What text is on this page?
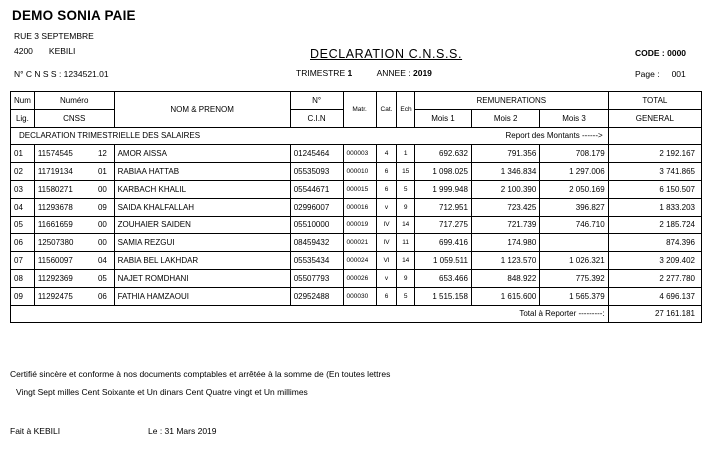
DEMO SONIA PAIE
RUE 3 SEPTEMBRE
4200 KEBILI
N° C N S S : 1234521.01
DECLARATION C.N.S.S.
TRIMESTRE 1	ANNEE : 2019
CODE : 0000
Page : 001
Num	Numéro		NOM & PRENOM	N°	Matr.	Cat.	Ech	REMUNERATIONS			TOTAL
Lig.	CNSS			C.I.N				Mois 1	Mois 2	Mois 3	GENERAL
DECLARATION TRIMESTRIELLE DES SALAIRES Report des Montants ------>											

01	11574545	12	AMOR AISSA	01245464	000003	4	1	692.632	791.356	708.179	2 192.167
02	11719134	01	RABIAA HATTAB	05535093	000010	6	15	1 098.025	1 346.834	1 297.006	3 741.865
03	11580271	00	KARBACH KHALIL	05544671	000015	6	5	1 999.948	2 100.390	2 050.169	6 150.507
04	11293678	09	SAIDA KHALFALLAH	02996007	000016	v	9	712.951	723.425	396.827	1 833.203
05	11661659	00	ZOUHAIER SAIDEN	05510000	000019	IV	14	717.275	721.739	746.710	2 185.724
06	12507380	00	SAMIA REZGUI	08459432	000021	IV	11	699.416	174.980		874.396
07	11560097	04	RABIA BEL LAKHDAR	05535434	000024	VI	14	1 059.511	1 123.570	1 026.321	3 209.402
08	11292369	05	NAJET ROMDHANI	05507793	000026	v	9	653.466	848.922	775.392	2 277.780
09	11292475	06	FATHIA HAMZAOUI	02952488	000030	6	5	1 515.158	1 615.600	1 565.379	4 696.137
Total à Reporter ---------:											27 161.181
Certifié sincère et conforme à nos documents comptables et arrêtée à la somme de (En toutes lettres
Vingt Sept milles Cent Soixante et Un dinars Cent Quatre vingt et Un millimes
Fait à KEBILI	Le : 31 Mars 2019
